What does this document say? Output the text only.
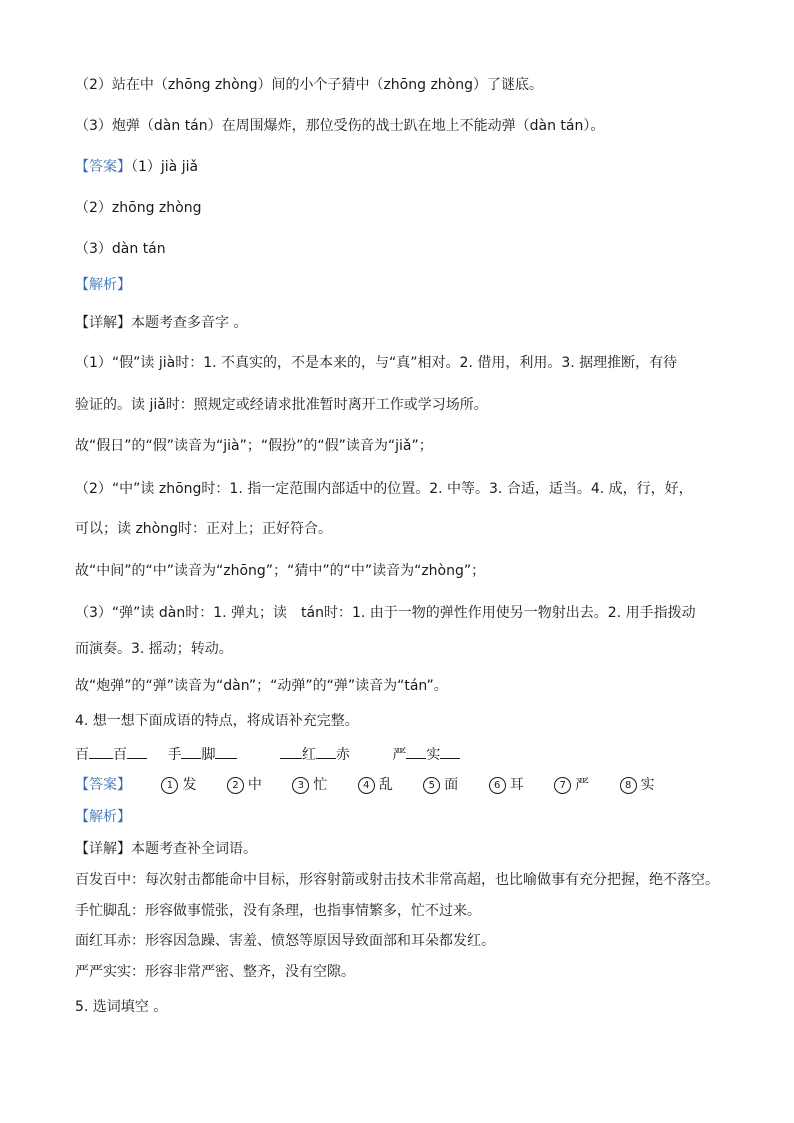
（2）站在中（zhōng zhòng）间的小个子猜中（zhōng zhòng）了谜底。
（3）炮弹（dàn tán）在周围爆炸，那位受伤的战士趴在地上不能动弹（dàn tán）。
【答案】（1）jià jiǎ
（2）zhōng zhòng
（3）dàn tán
【解析】
【详解】本题考查多音字 。
（1）“假”读 jià时：1. 不真实的，不是本来的，与“真”相对。2. 借用，利用。3. 据理推断，有待
验证的。读 jiǎ时：照规定或经请求批准暂时离开工作或学习场所。
故“假日”的“假”读音为“jià”；“假扮”的“假”读音为“jiǎ”；
（2）“中”读 zhōng时：1. 指一定范围内部适中的位置。2. 中等。3. 合适，适当。4. 成，行，好，
可以；读 zhòng时：正对上；正好符合。
故“中间”的“中”读音为“zhōng”；“猜中”的“中”读音为“zhòng”；
（3）“弹”读 dàn时：1. 弹丸；读　tán时：1. 由于一物的弹性作用使另一物射出去。2. 用手指拨动
而演奏。3. 摇动；转动。
故“炮弹”的“弹”读音为“dàn”；“动弹”的“弹”读音为“tán”。
4. 想一想下面成语的特点，将成语补充完整。
百 百	手 脚	红 赤	严 实
【答案】	1 发	2 中	3 忙	4 乱	5 面	6 耳	7 严	8 实
【解析】
【详解】本题考查补全词语。
百发百中：每次射击都能命中目标，形容射箭或射击技术非常高超，也比喻做事有充分把握，绝不落空。
手忙脚乱：形容做事慌张，没有条理，也指事情繁多，忙不过来。
面红耳赤：形容因急躁、害羞、愤怒等原因导致面部和耳朵都发红。
严严实实：形容非常严密、整齐，没有空隙。
5. 选词填空 。
